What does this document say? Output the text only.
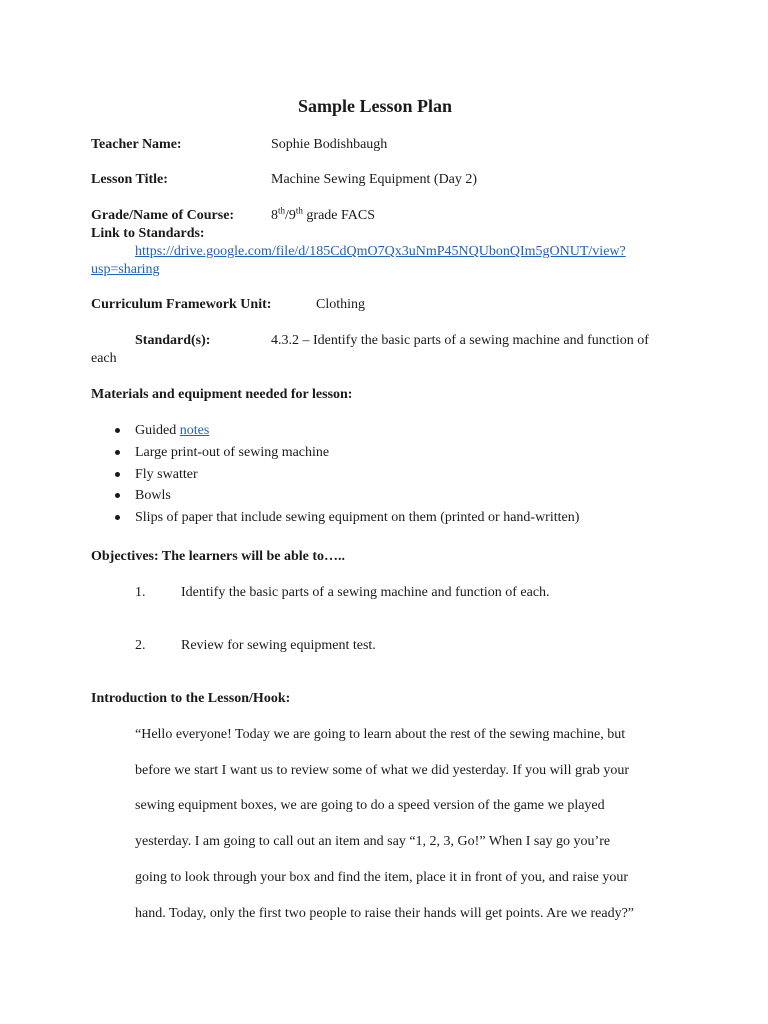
Sample Lesson Plan
Teacher Name:	Sophie Bodishbaugh
Lesson Title:	Machine Sewing Equipment (Day 2)
Grade/Name of Course:	8th/9th grade FACS
Link to Standards:
https://drive.google.com/file/d/185CdQmO7Qx3uNmP45NQUbonQIm5gONUT/view?
usp=sharing
Curriculum Framework Unit:	Clothing
Standard(s):	4.3.2 – Identify the basic parts of a sewing machine and function of
each
Materials and equipment needed for lesson:
Guided notes
Large print-out of sewing machine
Fly swatter
Bowls
Slips of paper that include sewing equipment on them (printed or hand-written)
Objectives: The learners will be able to…..
1.	Identify the basic parts of a sewing machine and function of each.
2.	Review for sewing equipment test.
Introduction to the Lesson/Hook:
“Hello everyone! Today we are going to learn about the rest of the sewing machine, but
before we start I want us to review some of what we did yesterday. If you will grab your
sewing equipment boxes, we are going to do a speed version of the game we played
yesterday. I am going to call out an item and say “1, 2, 3, Go!” When I say go you’re
going to look through your box and find the item, place it in front of you, and raise your
hand. Today, only the first two people to raise their hands will get points. Are we ready?”
